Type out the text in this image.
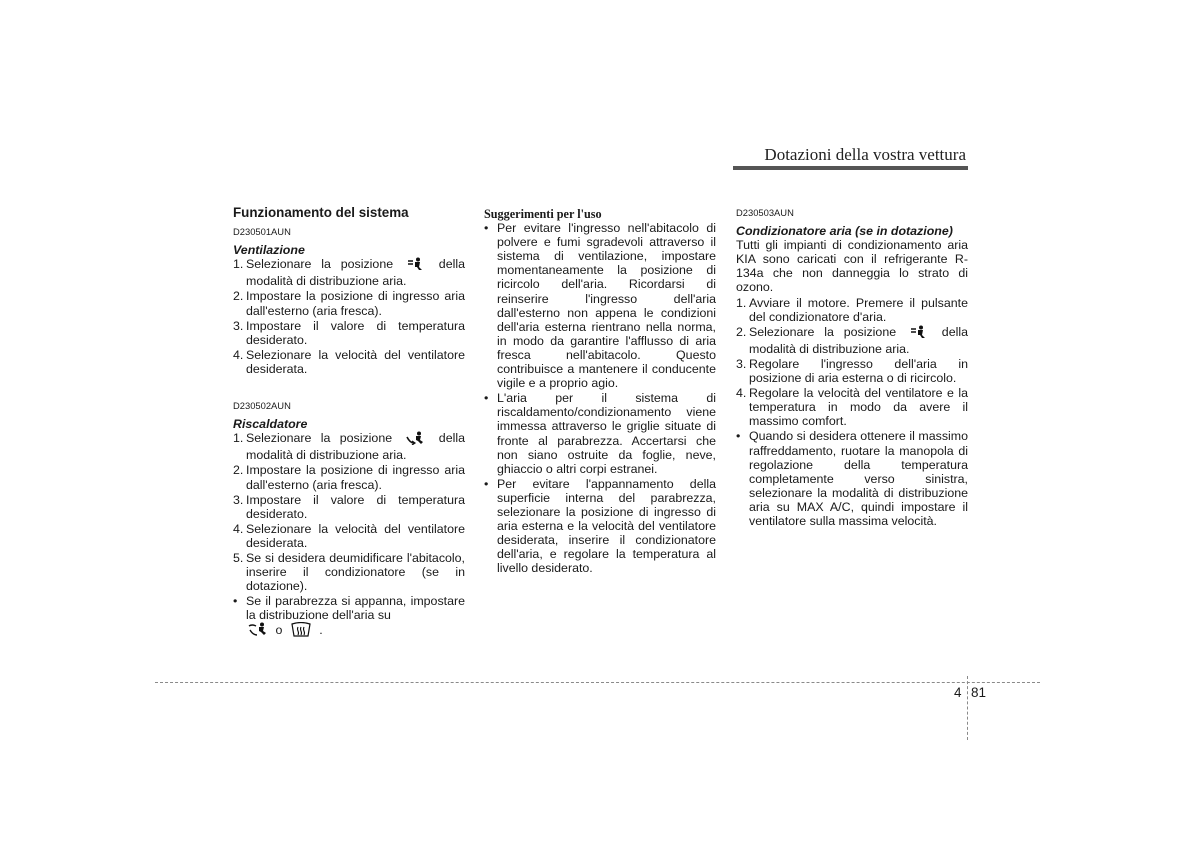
Dotazioni della vostra vettura
Funzionamento del sistema
D230501AUN
Ventilazione
1. Selezionare la posizione	della modalità di distribuzione aria.
2. Impostare la posizione di ingresso aria dall'esterno (aria fresca).
3. Impostare il valore di temperatura desiderato.
4. Selezionare la velocità del ventilatore desiderata.
D230502AUN
Riscaldatore
1. Selezionare la posizione	della modalità di distribuzione aria.
2. Impostare la posizione di ingresso aria dall'esterno (aria fresca).
3. Impostare il valore di temperatura desiderato.
4. Selezionare la velocità del ventilatore desiderata.
5. Se si desidera deumidificare l'abitacolo, inserire il condizionatore (se in dotazione).
• Se il parabrezza si appanna, impostare la distribuzione dell'aria su
o	.
Suggerimenti per l'uso
• Per evitare l'ingresso nell'abitacolo di polvere e fumi sgradevoli attraverso il sistema di ventilazione, impostare momentaneamente la posizione di ricircolo dell'aria. Ricordarsi di reinserire l'ingresso dell'aria dall'esterno non appena le condizioni dell'aria esterna rientrano nella norma, in modo da garantire l'afflusso di aria fresca nell'abitacolo. Questo contribuisce a mantenere il conducente vigile e a proprio agio.
• L'aria per il sistema di riscaldamento/condizionamento viene immessa attraverso le griglie situate di fronte al parabrezza. Accertarsi che non siano ostruite da foglie, neve, ghiaccio o altri corpi estranei.
• Per evitare l'appannamento della superficie interna del parabrezza, selezionare la posizione di ingresso di aria esterna e la velocità del ventilatore desiderata, inserire il condizionatore dell'aria, e regolare la temperatura al livello desiderato.
D230503AUN
Condizionatore aria (se in dotazione)
Tutti gli impianti di condizionamento aria KIA sono caricati con il refrigerante R-134a che non danneggia lo strato di ozono.
1. Avviare il motore. Premere il pulsante del condizionatore d'aria.
2. Selezionare la posizione	della modalità di distribuzione aria.
3. Regolare l'ingresso dell'aria in posizione di aria esterna o di ricircolo.
4. Regolare la velocità del ventilatore e la temperatura in modo da avere il massimo comfort.
• Quando si desidera ottenere il massimo raffreddamento, ruotare la manopola di regolazione della temperatura completamente verso sinistra, selezionare la modalità di distribuzione aria su MAX A/C, quindi impostare il ventilatore sulla massima velocità.
4 81
